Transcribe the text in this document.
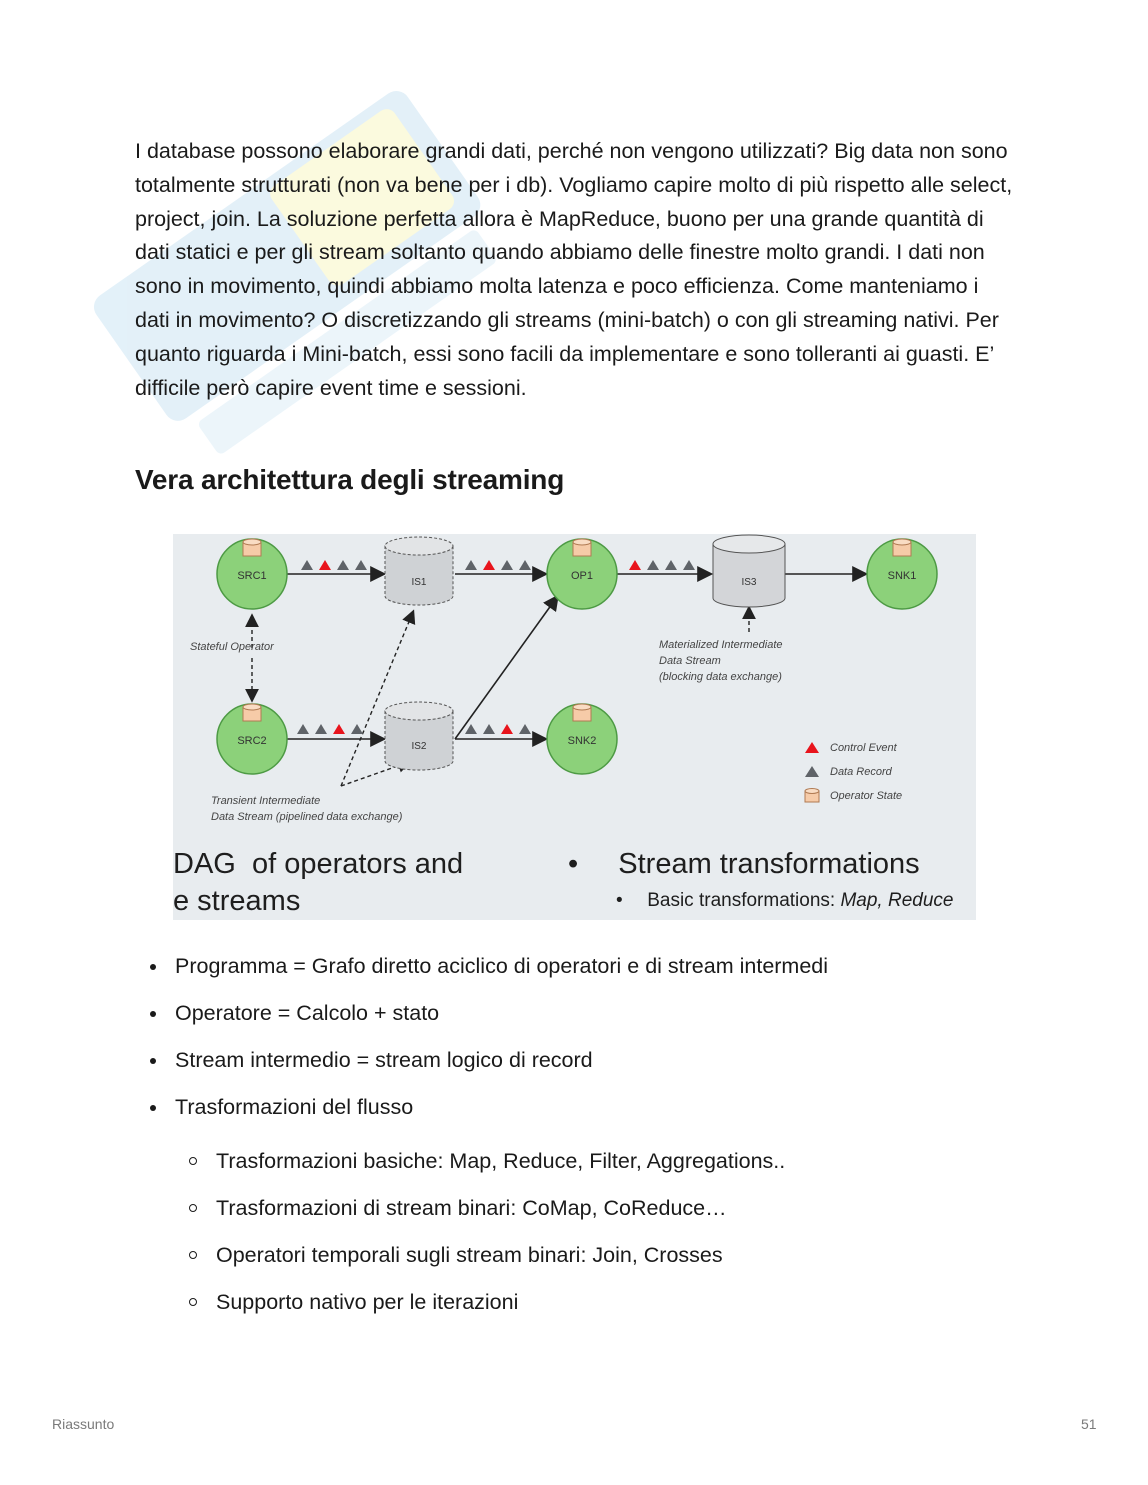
I database possono elaborare grandi dati, perché non vengono utilizzati? Big data non sono totalmente strutturati (non va bene per i db). Vogliamo capire molto di più rispetto alle select, project, join. La soluzione perfetta allora è MapReduce, buono per una grande quantità di dati statici e per gli stream soltanto quando abbiamo delle finestre molto grandi. I dati non sono in movimento, quindi abbiamo molta latenza e poco efficienza. Come manteniamo i dati in movimento? O discretizzando gli streams (mini-batch) o con gli streaming nativi. Per quanto riguarda i Mini-batch, essi sono facili da implementare e sono tolleranti ai guasti. E’ difficile però capire event time e sessioni.

Vera architettura degli streaming
SRC1	OP1	SNK1
SRC2	SNK2
IS1
IS2
IS3
Stateful Operator	Materialized Intermediate
Data Stream
(blocking data exchange)
Transient Intermediate
Data Stream (pipelined data exchange)
Control Event
Data Record
Operator State
DAG  of operators and
e streams
• Stream transformations
• Basic transformations: Map, Reduce
Programma = Grafo diretto aciclico di operatori e di stream intermedi
Operatore = Calcolo + stato
Stream intermedio = stream logico di record
Trasformazioni del flusso
Trasformazioni basiche: Map, Reduce, Filter, Aggregations..
Trasformazioni di stream binari: CoMap, CoReduce…
Operatori temporali sugli stream binari: Join, Crosses
Supporto nativo per le iterazioni
Riassunto	51
